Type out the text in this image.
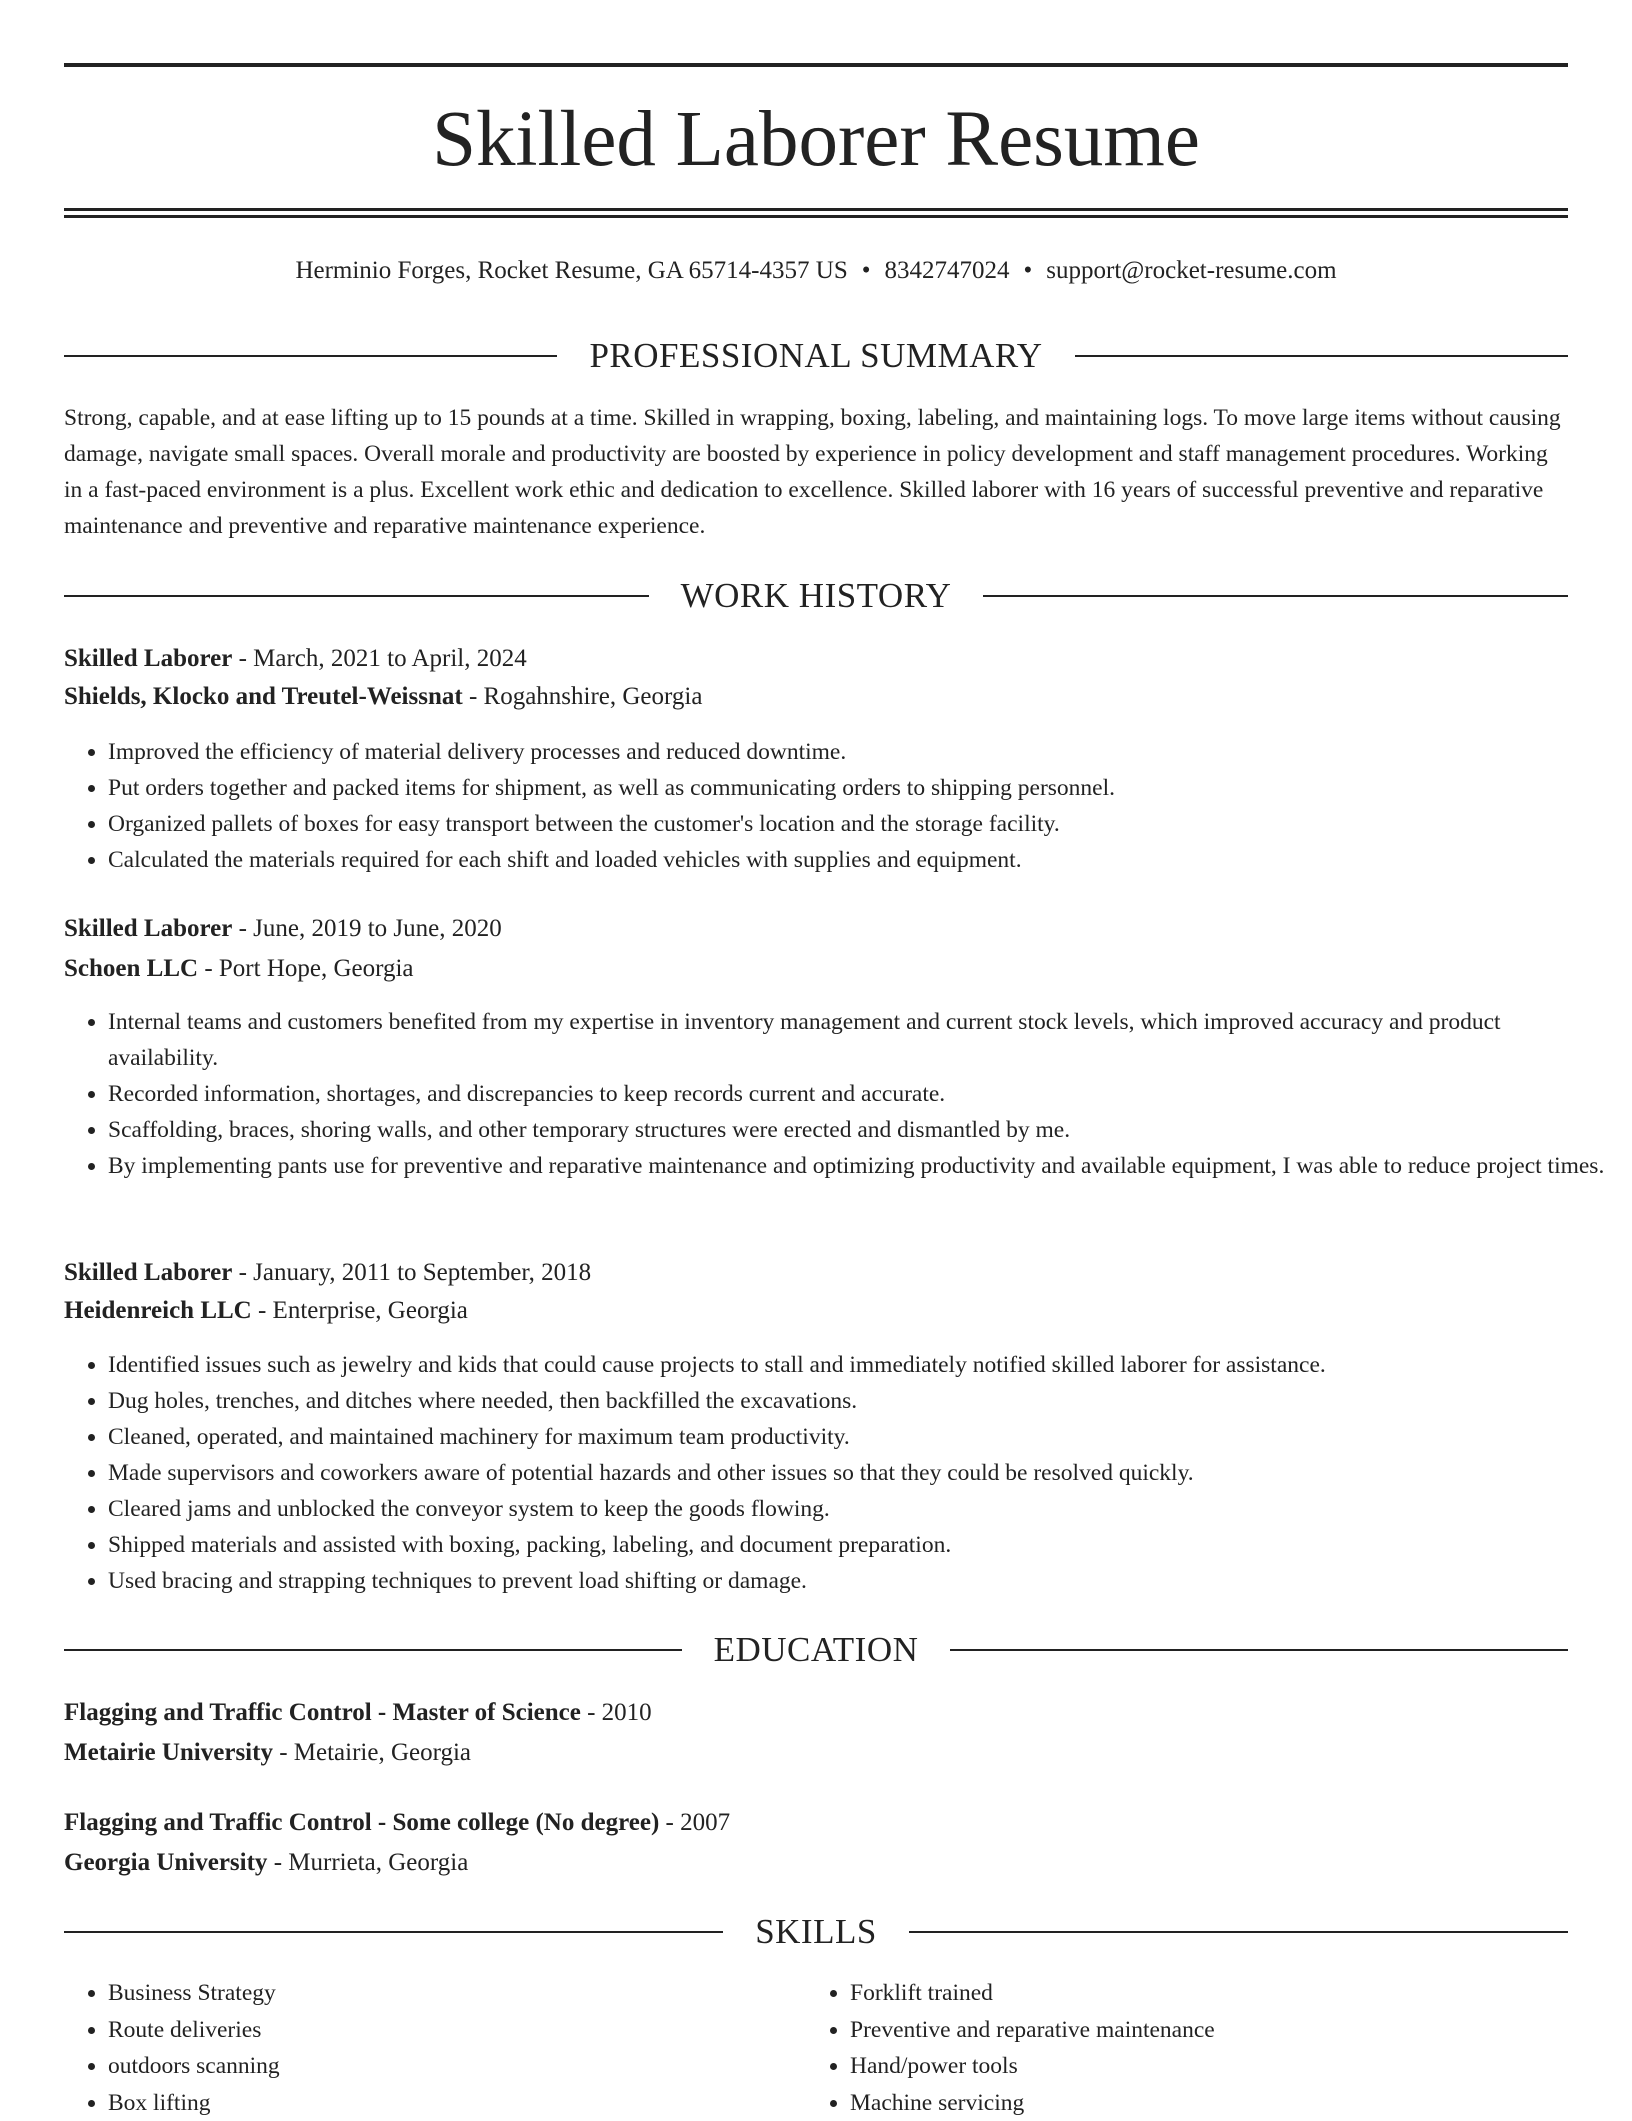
Skilled Laborer Resume
Herminio Forges, Rocket Resume, GA 65714-4357 US • 8342747024 • support@rocket-resume.com
PROFESSIONAL SUMMARY
Strong, capable, and at ease lifting up to 15 pounds at a time. Skilled in wrapping, boxing, labeling, and maintaining logs. To move large items without causing damage, navigate small spaces. Overall morale and productivity are boosted by experience in policy development and staff management procedures. Working in a fast-paced environment is a plus. Excellent work ethic and dedication to excellence. Skilled laborer with 16 years of successful preventive and reparative maintenance and preventive and reparative maintenance experience.
WORK HISTORY
Skilled Laborer - March, 2021 to April, 2024
Shields, Klocko and Treutel-Weissnat - Rogahnshire, Georgia
• Improved the efficiency of material delivery processes and reduced downtime.
• Put orders together and packed items for shipment, as well as communicating orders to shipping personnel.
• Organized pallets of boxes for easy transport between the customer's location and the storage facility.
• Calculated the materials required for each shift and loaded vehicles with supplies and equipment.
Skilled Laborer - June, 2019 to June, 2020
Schoen LLC - Port Hope, Georgia
• Internal teams and customers benefited from my expertise in inventory management and current stock levels, which improved accuracy and product availability.
• Recorded information, shortages, and discrepancies to keep records current and accurate.
• Scaffolding, braces, shoring walls, and other temporary structures were erected and dismantled by me.
• By implementing pants use for preventive and reparative maintenance and optimizing productivity and available equipment, I was able to reduce project times.
Skilled Laborer - January, 2011 to September, 2018
Heidenreich LLC - Enterprise, Georgia
• Identified issues such as jewelry and kids that could cause projects to stall and immediately notified skilled laborer for assistance.
• Dug holes, trenches, and ditches where needed, then backfilled the excavations.
• Cleaned, operated, and maintained machinery for maximum team productivity.
• Made supervisors and coworkers aware of potential hazards and other issues so that they could be resolved quickly.
• Cleared jams and unblocked the conveyor system to keep the goods flowing.
• Shipped materials and assisted with boxing, packing, labeling, and document preparation.
• Used bracing and strapping techniques to prevent load shifting or damage.
EDUCATION
Flagging and Traffic Control - Master of Science - 2010
Metairie University - Metairie, Georgia
Flagging and Traffic Control - Some college (No degree) - 2007
Georgia University - Murrieta, Georgia
SKILLS
• Business Strategy
• Route deliveries
• outdoors scanning
• Box lifting
• Forklift trained
• Preventive and reparative maintenance
• Hand/power tools
• Machine servicing
